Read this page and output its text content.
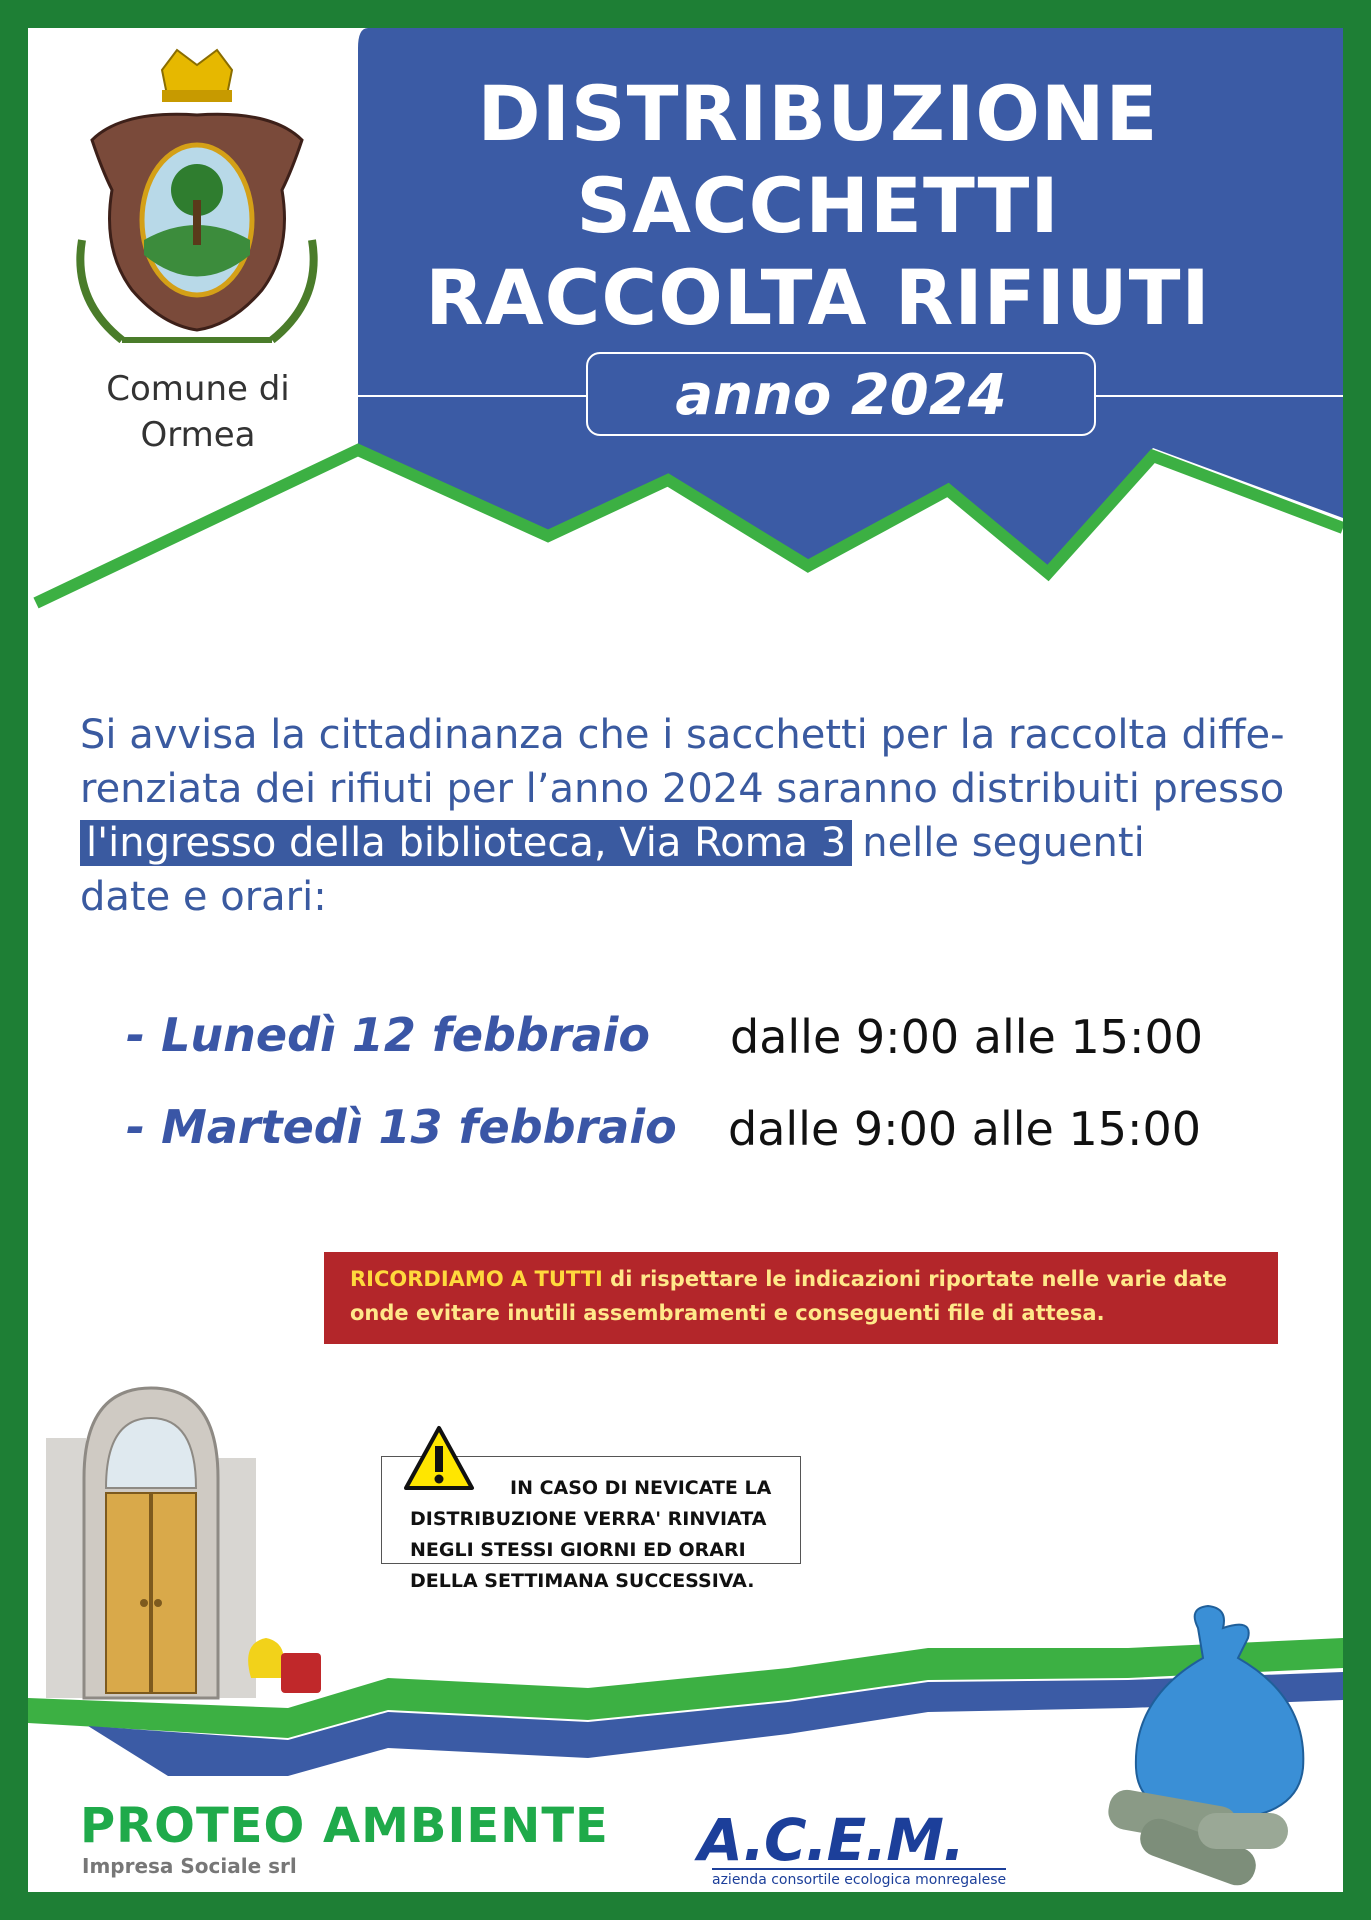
Comune di
Ormea
DISTRIBUZIONE
SACCHETTI
RACCOLTA RIFIUTI
anno 2024
Si avvisa la cittadinanza che i sacchetti per la raccolta diffe-
renziata dei rifiuti per l’anno 2024 saranno distribuiti presso
l'ingresso della biblioteca, Via Roma 3 nelle seguenti
date e orari:
- Lunedì 12 febbraio dalle 9:00 alle 15:00
- Martedì 13 febbraio dalle 9:00 alle 15:00
RICORDIAMO A TUTTI di rispettare le indicazioni riportate nelle varie date
onde evitare inutili assembramenti e conseguenti file di attesa.
IN CASO DI NEVICATE LA
DISTRIBUZIONE VERRA' RINVIATA
NEGLI STESSI GIORNI ED ORARI
DELLA SETTIMANA SUCCESSIVA.
PROTEO AMBIENTE
Impresa Sociale srl	A.C.E.M.
azienda consortile ecologica monregalese
